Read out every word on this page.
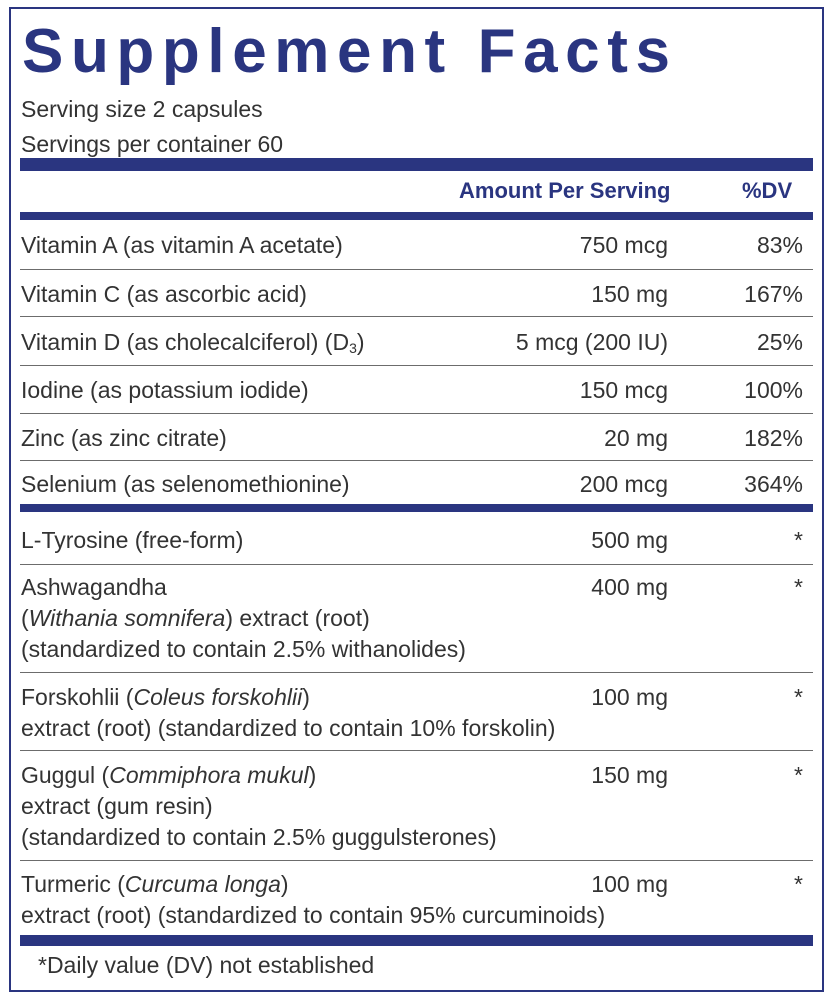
Supplement Facts
Serving size 2 capsules
Servings per container 60
Amount Per Serving	%DV
Vitamin A (as vitamin A acetate)	750 mcg	83%
Vitamin C (as ascorbic acid)	150 mg	167%
Vitamin D (as cholecalciferol) $(D_3)$	5 mcg (200 IU)	25%
Iodine (as potassium iodide)	150 mcg	100%
Zinc (as zinc citrate)	20 mg	182%
Selenium (as selenomethionine)	200 mcg	364%
L-Tyrosine (free-form)	500 mg	*
Ashwagandha
(Withania somnifera) extract (root)
(standardized to contain 2.5% withanolides)
400 mg	*
Forskohlii (Coleus forskohlii)
extract (root) (standardized to contain 10% forskolin)
100 mg	*
Guggul (Commiphora mukul)
extract (gum resin)
(standardized to contain 2.5% guggulsterones)
150 mg	*
Turmeric (Curcuma longa)
extract (root) (standardized to contain 95% curcuminoids)
100 mg	*
*Daily value (DV) not established
